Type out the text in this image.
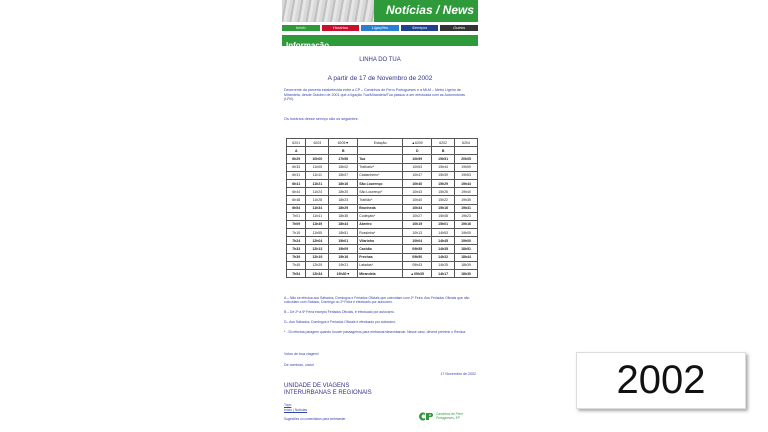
Notícias / News
Início	Horários	Ligações	Serviços	Outros
Informação
LINHA DO TUA
A partir de 17 de Novembro de 2002
Decorrente da parceria estabelecida entre a CP – Caminhos de Ferro Portugueses e a MLM – Metro Ligeiro de Mirandela, desde Outubro de 2001 que a ligação Tua/Mirandela/Tua passou a ser efectuada com as Automotoras (LRV).
Os horários desse serviço são os seguintes:
6201	6203	6205▼	Estação	▲6200	6202	6204
A		B		D	B	
6h29	10h00	17h56	Tua	10h59	15h51	20h05
6h33	11h05	18h02	Tralhariz*	10h53	15h44	19h59
6h31	11h11	18h07	Castanheiro*	10h47	15h39	19h53
6h41	11h21	18h16	São Lourenço	10h40	15h29	19h44
6h44	11h24	18h20	São Lourenço*	10h43	15h25	19h40
6h48	11h28	18h23	Tralhão*	10h40	15h22	19h35
6h54	11h34	18h29	Brunheda	10h34	15h16	19h31
7h01	11h41	18h36	Codeçais*	10h27	15h08	19h23
7h09	11h49	18h44	Abreiro	10h19	15h01	19h16
7h15	11h55	18h51	Rossinha*	10h13	14h53	19h09
7h24	12h04	19h01	Vilarinho	10h04	14h45	19h00
7h33	12h13	19h09	Cachão	09h55	14h35	18h51
7h39	12h19	19h16	Frechas	09h50	14h32	18h44
7h45	12h25	19h21	Latadas*	09h43	14h25	18h39
7h54	12h34	19h30▼	Mirandela	▲09h35	14h17	18h30
A – Não se efectua aos Sábados, Domingos e Feriados Oficiais que coincidam com 2ª Feira. Aos Feriados Oficiais que não coincidam com Sábado, Domingo ou 2ª Feira é efectuado por autocarro.
B – De 2ª a 6ª Feira excepto Feriados Oficiais, é efectuado por autocarro.
D– Aos Sábados, Domingos e Feriados Oficiais é efectuado por autocarro.
* - Só efectua paragem quando houver passageiros para embarcar/desembarcar. Nesse caso, deverá prevenir o Revisor.
Votos de boa viagem!
De comboio, claro!
17 Novembro de 2002
UNIDADE DE VIAGENS
INTERURBANAS E REGIONAIS
Topo
Início | Notícias
Sugestões ou comentários para webmaster
Caminhos de Ferro
Portugueses, EP
2002
